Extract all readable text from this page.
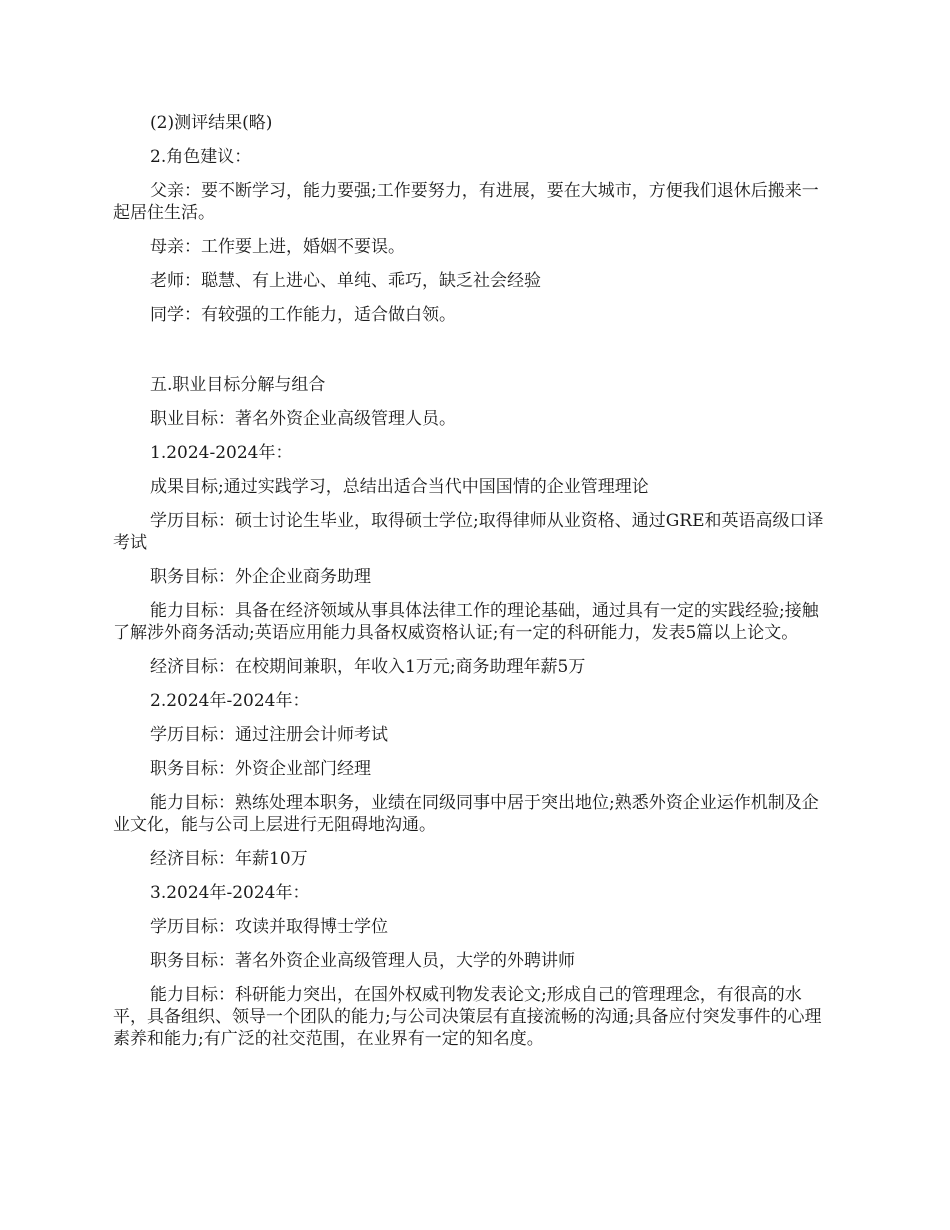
(2)测评结果(略)

2.角色建议：

父亲：要不断学习，能力要强;工作要努力，有进展，要在大城市，方便我们退休后搬来一起居住生活。

母亲：工作要上进，婚姻不要误。

老师：聪慧、有上进心、单纯、乖巧，缺乏社会经验

同学：有较强的工作能力，适合做白领。

五.职业目标分解与组合

职业目标：著名外资企业高级管理人员。

1.2024-2024年：

成果目标;通过实践学习，总结出适合当代中国国情的企业管理理论

学历目标：硕士讨论生毕业，取得硕士学位;取得律师从业资格、通过GRE和英语高级口译考试

职务目标：外企企业商务助理

能力目标：具备在经济领域从事具体法律工作的理论基础，通过具有一定的实践经验;接触了解涉外商务活动;英语应用能力具备权威资格认证;有一定的科研能力，发表5篇以上论文。

经济目标：在校期间兼职，年收入1万元;商务助理年薪5万

2.2024年-2024年：

学历目标：通过注册会计师考试

职务目标：外资企业部门经理

能力目标：熟练处理本职务，业绩在同级同事中居于突出地位;熟悉外资企业运作机制及企业文化，能与公司上层进行无阻碍地沟通。

经济目标：年薪10万

3.2024年-2024年：

学历目标：攻读并取得博士学位

职务目标：著名外资企业高级管理人员，大学的外聘讲师

能力目标：科研能力突出，在国外权威刊物发表论文;形成自己的管理理念，有很高的水平，具备组织、领导一个团队的能力;与公司决策层有直接流畅的沟通;具备应付突发事件的心理素养和能力;有广泛的社交范围，在业界有一定的知名度。
